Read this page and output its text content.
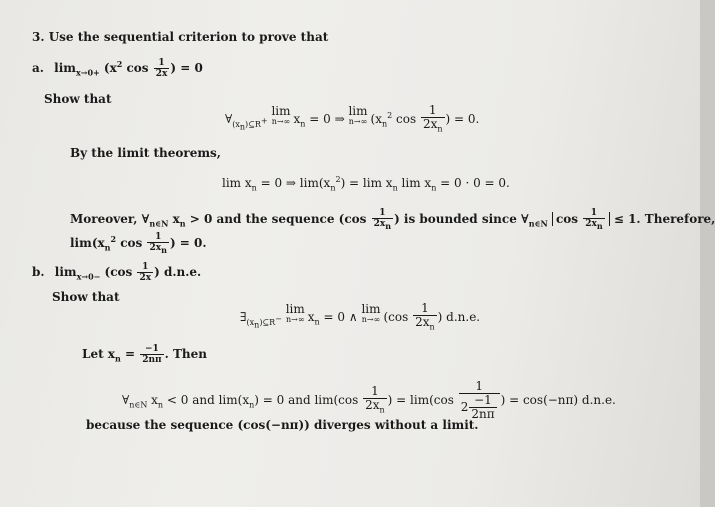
3. Use the sequential criterion to prove that
a. $\lim_{x\to 0+} (x^2$ $\cos \frac{1}{2x}$ ) = 0
Show that
$\forall_{(x_n)⊆R^+}$
lim
n→∞ $x_n = 0$ ⇒
lim
n→∞ ($x_n^2$ $\cos \frac{1}{2x_n}$ ) = 0.
By the limit theorems,
$\lim x_n = 0$ ⇒ $\lim(x_n^2) = \lim x_n$ $\lim x_n = 0 \cdot 0 = 0$.
Moreover, $\forall_{n\in N}$ $x_n > 0$ and the sequence ($\cos \frac{1}{2x_n}$ ) is bounded since $\forall_{n\in N}$ $\cos \frac{1}{2x_n} \le 1$. Therefore,
$\lim(x_n^2$ $\cos \frac{1}{2x_n}$ ) = 0.
b. $\lim_{x\to 0-} (\cos \frac{1}{2x}$ ) d.n.e.
Show that
$\exists_{(x_n)⊆R^-}$
lim
n→∞ $x_n = 0$ ∧
lim
n→∞ ($\cos \frac{1}{2x_n}$ ) d.n.e.
Let $x_n = \frac{-1}{2n\pi}$ . Then
$\forall_{n\in N}$ $x_n < 0$ and $\lim(x_n) = 0$ and $\lim(\cos \frac{1}{2x_n}$ ) = $\lim(\cos \frac{1}{2 \frac{-1}{2n\pi}}$ ) = cos(−nπ) d.n.e.
because the sequence (cos(−nπ)) diverges without a limit.
